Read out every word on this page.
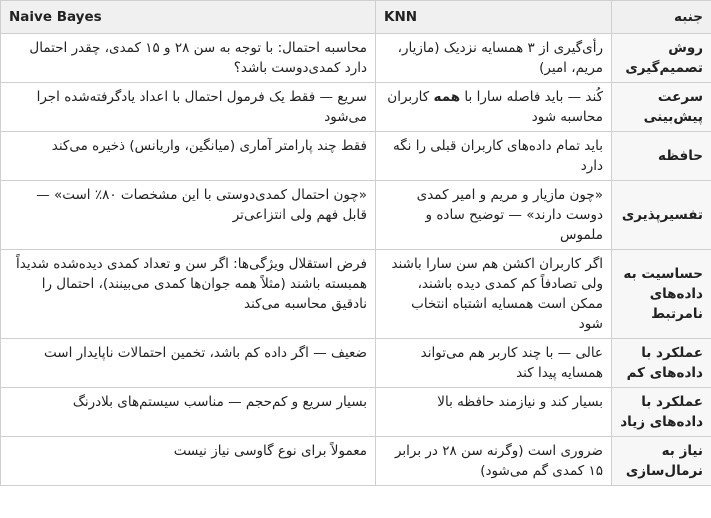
جنبه	KNN	Naive Bayes
روش تصمیم‌گیری	رأی‌گیری از ۳ همسایه نزدیک (مازیار، مریم، امیر)	محاسبه احتمال: با توجه به سن ۲۸ و ۱۵ کمدی، چقدر احتمال دارد کمدی‌دوست باشد؟
سرعت پیش‌بینی	کُند — باید فاصله سارا با همه کاربران محاسبه شود	سریع — فقط یک فرمول احتمال با اعداد یادگرفته‌شده اجرا می‌شود
حافظه	باید تمام داده‌های کاربران قبلی را نگه دارد	فقط چند پارامتر آماری (میانگین، واریانس) ذخیره می‌کند
تفسیرپذیری	«چون مازیار و مریم و امیر کمدی دوست دارند» — توضیح ساده و ملموس	«چون احتمال کمدی‌دوستی با این مشخصات ۸۰٪ است» — قابل فهم ولی انتزاعی‌تر
حساسیت به داده‌های نامرتبط	اگر کاربران اکشن هم سن سارا باشند ولی تصادفاً کم کمدی دیده باشند، ممکن است همسایه اشتباه انتخاب شود	فرض استقلال ویژگی‌ها: اگر سن و تعداد کمدی دیده‌شده شدیداً همبسته باشند (مثلاً همه جوان‌ها کمدی می‌بینند)، احتمال را نادقیق محاسبه می‌کند
عملکرد با داده‌های کم	عالی — با چند کاربر هم می‌تواند همسایه پیدا کند	ضعیف — اگر داده کم باشد، تخمین احتمالات ناپایدار است
عملکرد با داده‌های زیاد	بسیار کند و نیازمند حافظه بالا	بسیار سریع و کم‌حجم — مناسب سیستم‌های بلادرنگ
نیاز به نرمال‌سازی	ضروری است (وگرنه سن ۲۸ در برابر ۱۵ کمدی گم می‌شود)	معمولاً برای نوع گاوسی نیاز نیست
